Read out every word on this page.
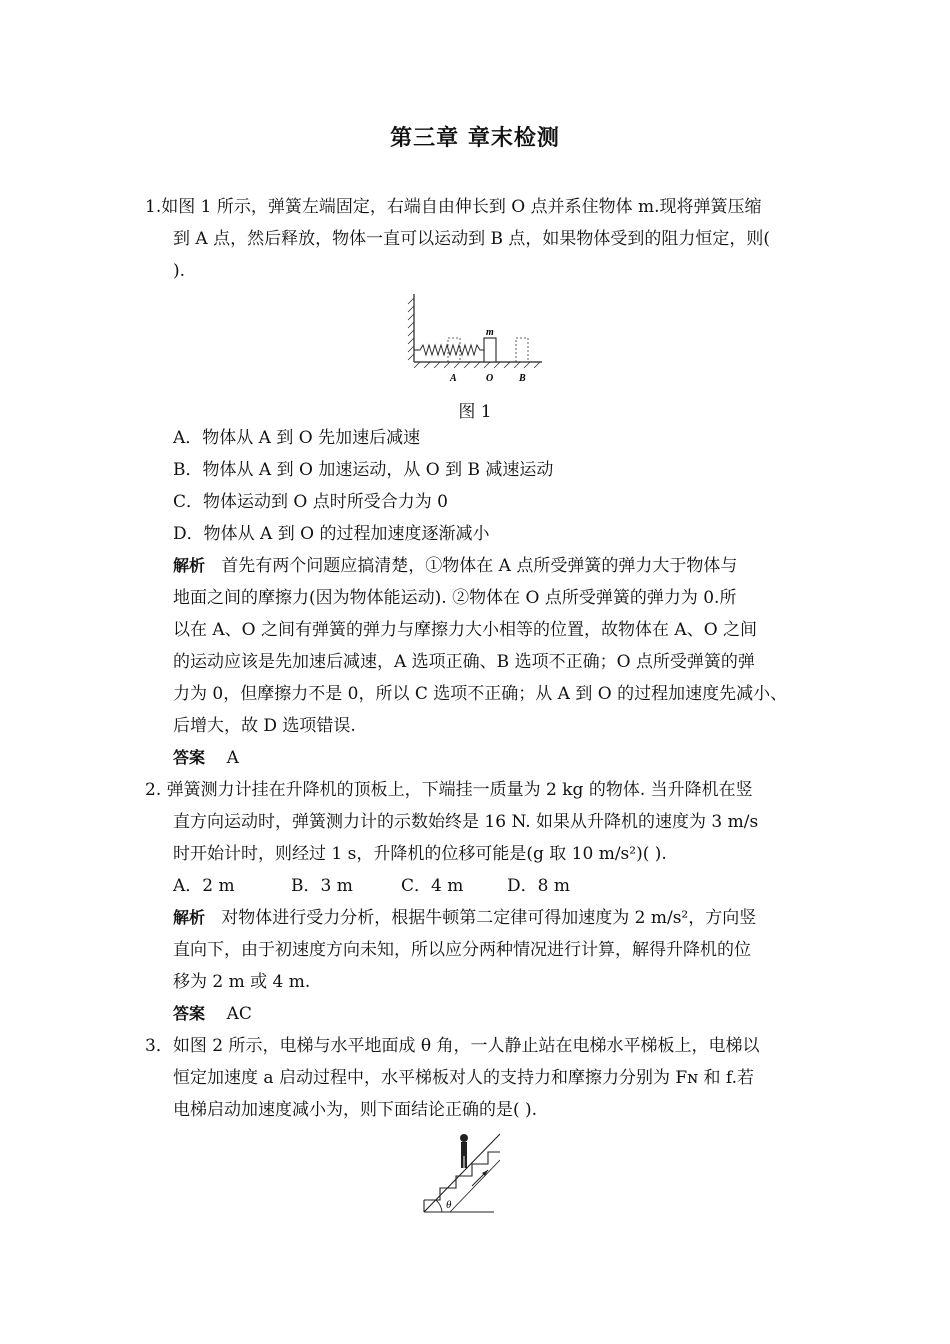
第三章 章末检测
1.如图 1 所示，弹簧左端固定，右端自由伸长到 O 点并系住物体 m.现将弹簧压缩
到 A 点，然后释放，物体一直可以运动到 B 点，如果物体受到的阻力恒定，则(
).
m
A	O	B
图 1
A．物体从 A 到 O 先加速后减速
B．物体从 A 到 O 加速运动，从 O 到 B 减速运动
C．物体运动到 O 点时所受合力为 0
D．物体从 A 到 O 的过程加速度逐渐减小
解析 首先有两个问题应搞清楚，①物体在 A 点所受弹簧的弹力大于物体与
地面之间的摩擦力(因为物体能运动). ②物体在 O 点所受弹簧的弹力为 0.所
以在 A、O 之间有弹簧的弹力与摩擦力大小相等的位置，故物体在 A、O 之间
的运动应该是先加速后减速，A 选项正确、B 选项不正确；O 点所受弹簧的弹
力为 0，但摩擦力不是 0，所以 C 选项不正确；从 A 到 O 的过程加速度先减小、
后增大，故 D 选项错误.
答案 A
2. 弹簧测力计挂在升降机的顶板上，下端挂一质量为 2 kg 的物体. 当升降机在竖
直方向运动时，弹簧测力计的示数始终是 16 N. 如果从升降机的速度为 3 m/s
时开始计时，则经过 1 s，升降机的位移可能是(g 取 10 m/s²)( ).
A．2 m	B．3 m	C．4 m	D．8 m
解析 对物体进行受力分析，根据牛顿第二定律可得加速度为 2 m/s²，方向竖
直向下，由于初速度方向未知，所以应分两种情况进行计算，解得升降机的位
移为 2 m 或 4 m.
答案 AC
3．如图 2 所示，电梯与水平地面成 θ 角，一人静止站在电梯水平梯板上，电梯以
恒定加速度 a 启动过程中，水平梯板对人的支持力和摩擦力分别为 Fɴ 和 f.若
电梯启动加速度减小为，则下面结论正确的是( ).
θ
